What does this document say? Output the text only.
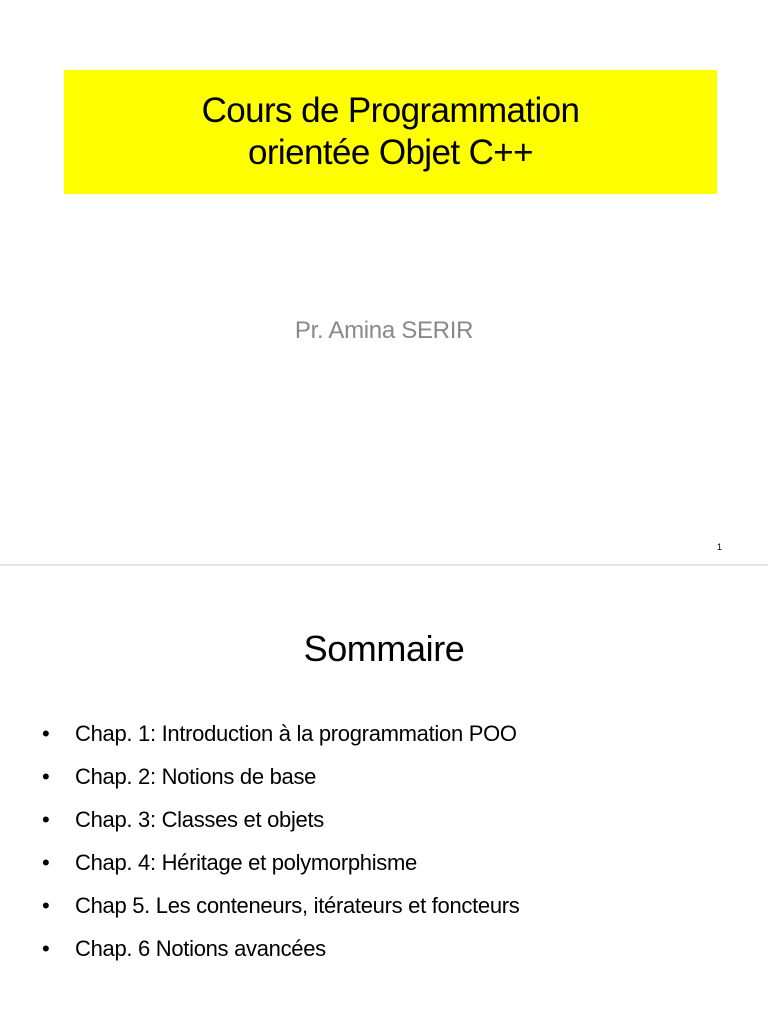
Cours de Programmation
orientée Objet C++
Pr. Amina SERIR
1
Sommaire
•	Chap. 1: Introduction à la programmation POO
•	Chap. 2: Notions de base
•	Chap. 3: Classes et objets
•	Chap. 4: Héritage et polymorphisme
•	Chap 5. Les conteneurs, itérateurs et foncteurs
•	Chap. 6 Notions avancées
